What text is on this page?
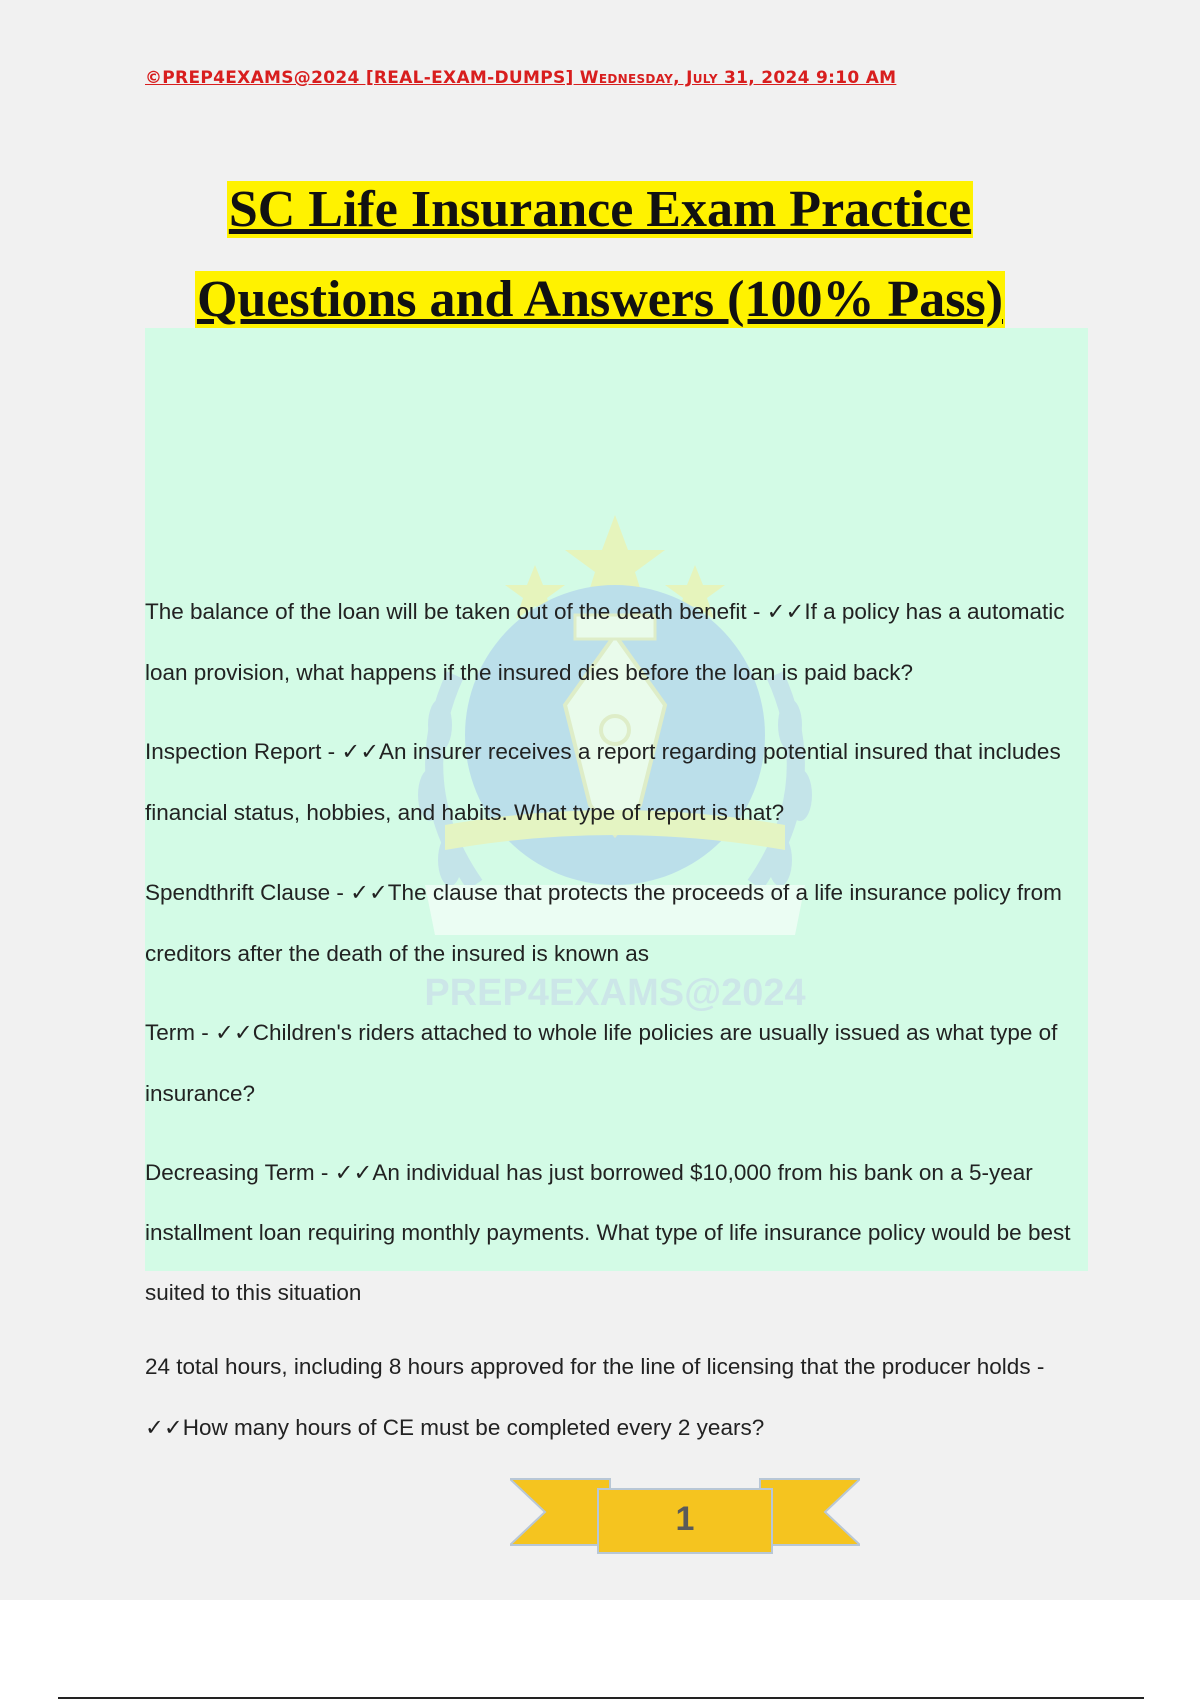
©PREP4EXAMS@2024 [REAL-EXAM-DUMPS] Wednesday, July 31, 2024 9:10 AM
SC Life Insurance Exam Practice
Questions and Answers (100% Pass)
PREP4EXAMS@2024
The balance of the loan will be taken out of the death benefit - ✓✓If a policy has a automatic loan provision, what happens if the insured dies before the loan is paid back?
Inspection Report - ✓✓An insurer receives a report regarding potential insured that includes financial status, hobbies, and habits. What type of report is that?
Spendthrift Clause - ✓✓The clause that protects the proceeds of a life insurance policy from creditors after the death of the insured is known as
Term - ✓✓Children's riders attached to whole life policies are usually issued as what type of insurance?
Decreasing Term - ✓✓An individual has just borrowed $10,000 from his bank on a 5-year installment loan requiring monthly payments. What type of life insurance policy would be best suited to this situation
24 total hours, including 8 hours approved for the line of licensing that the producer holds - ✓✓How many hours of CE must be completed every 2 years?
1
